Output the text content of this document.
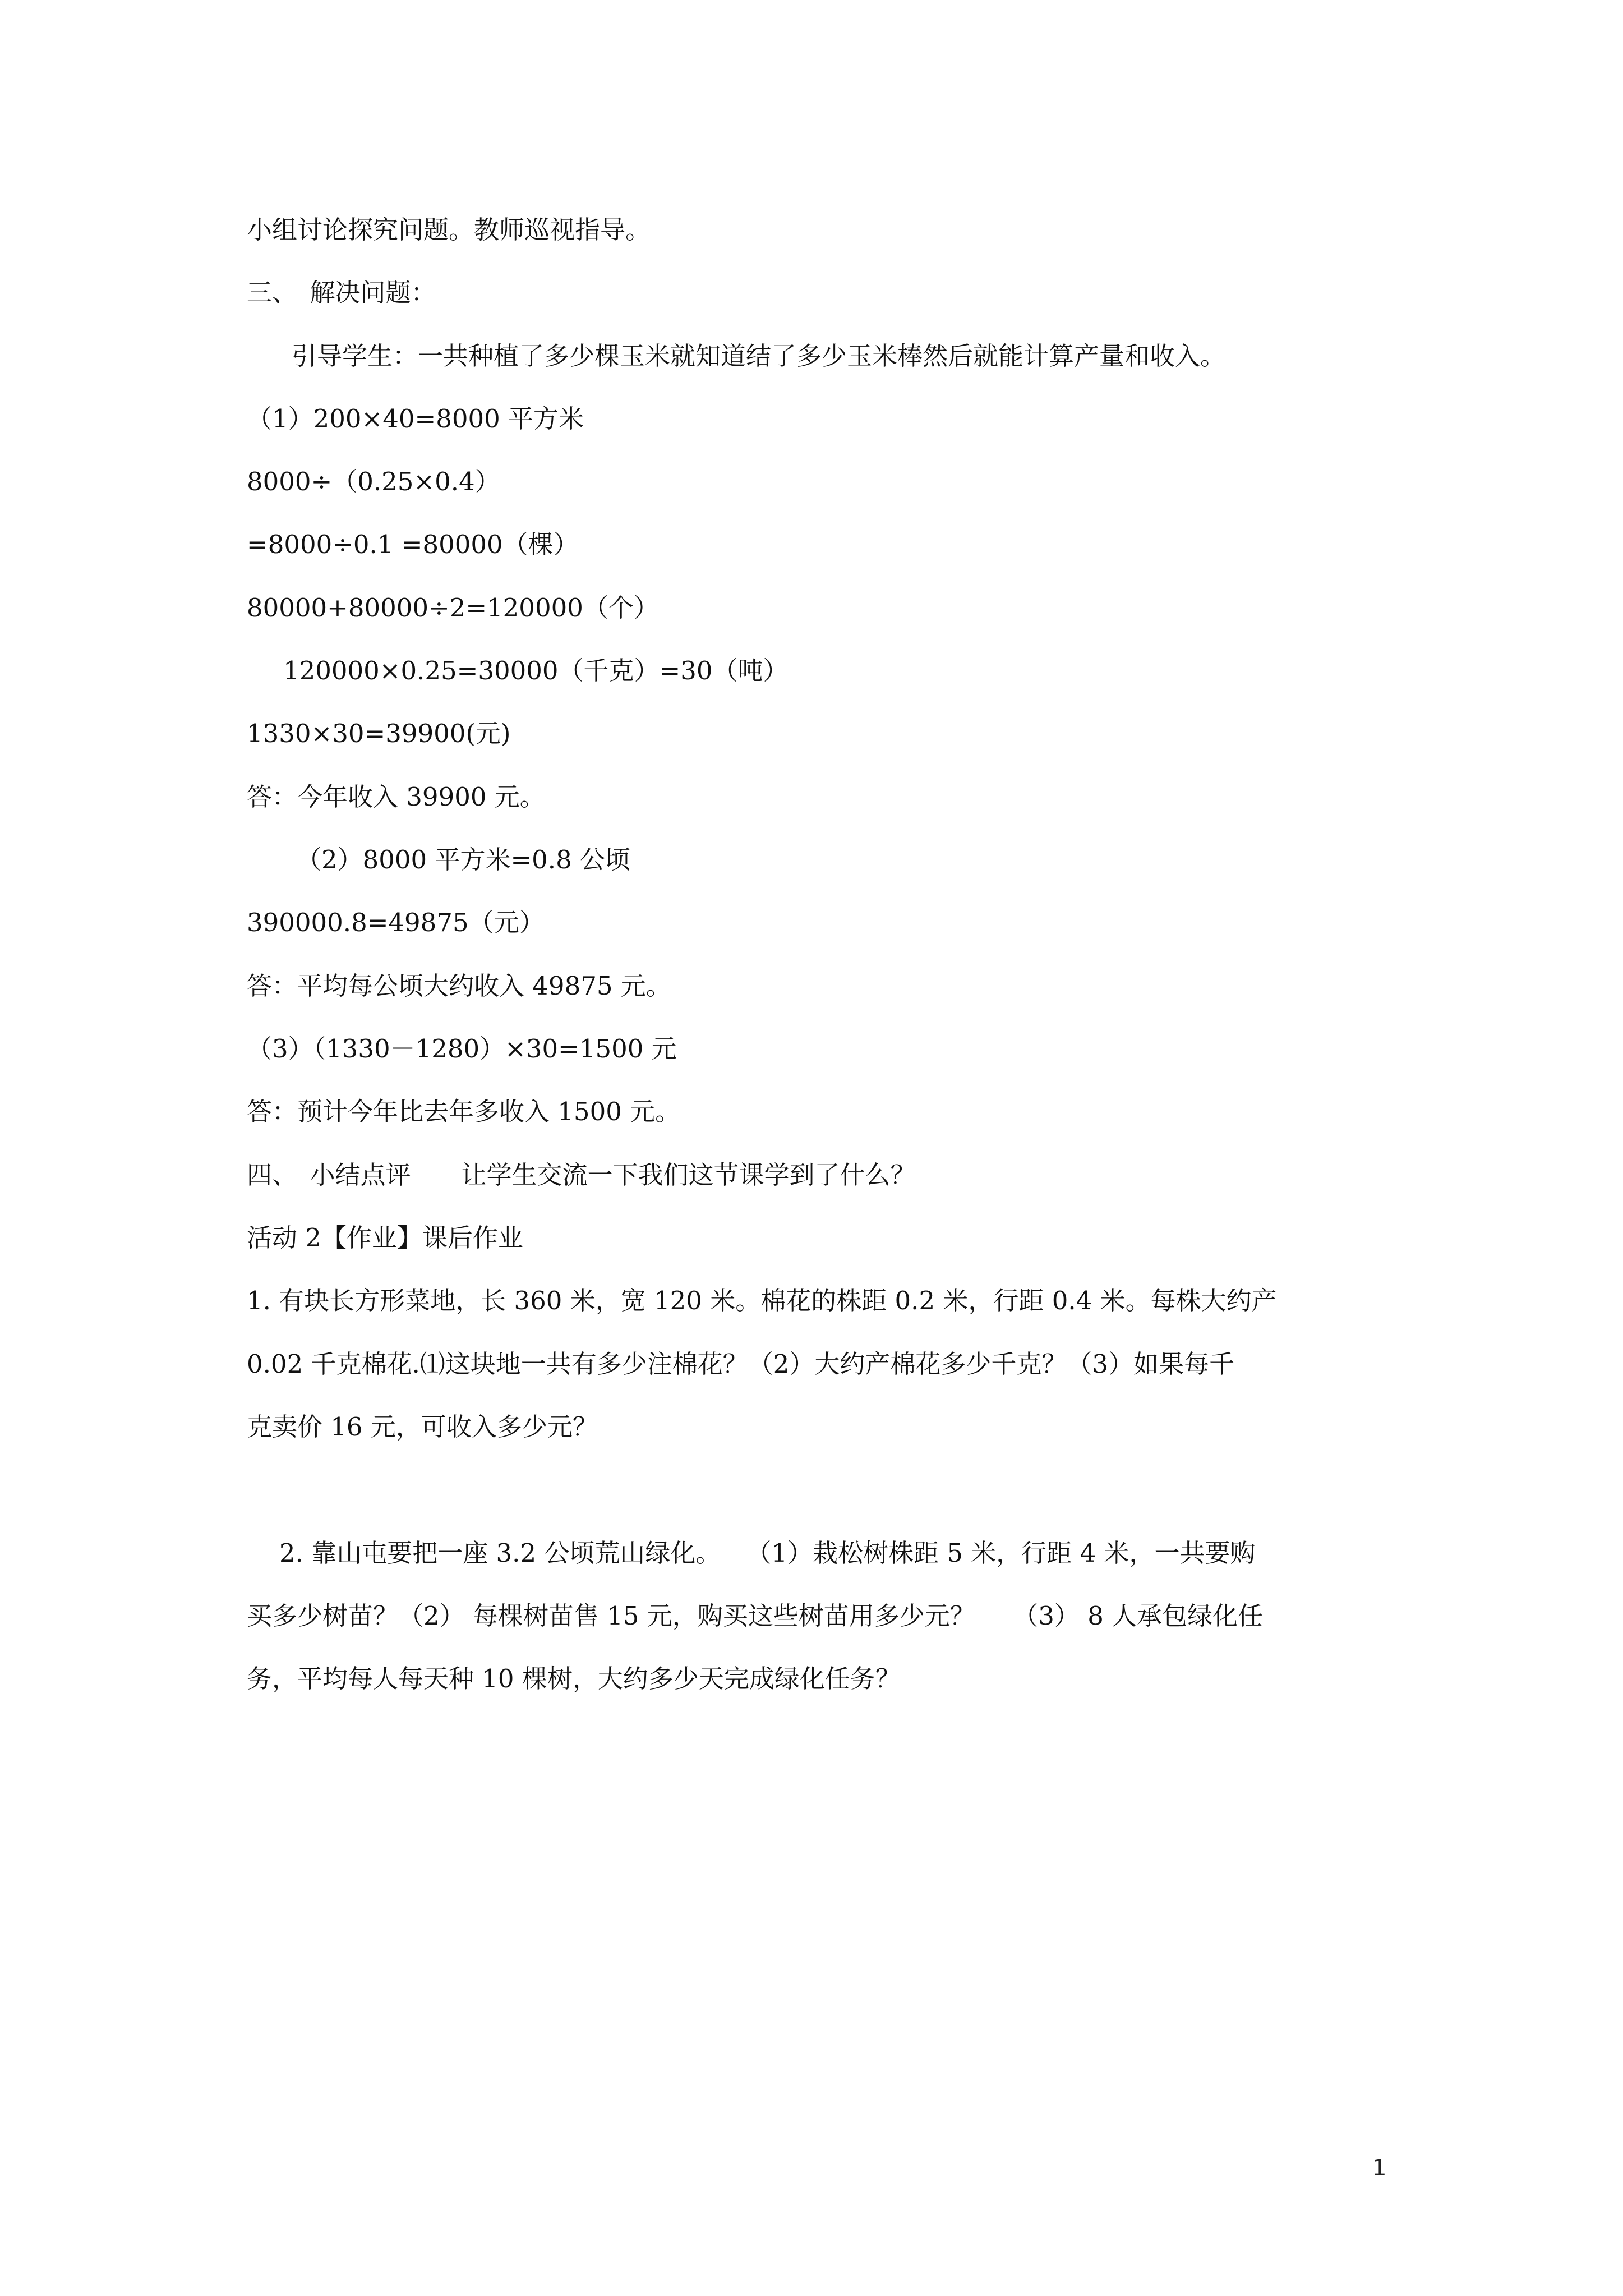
小组讨论探究问题。教师巡视指导。
三、　解决问题：
引导学生：一共种植了多少棵玉米就知道结了多少玉米棒然后就能计算产量和收入。
（1）200×40=8000 平方米
8000÷（0.25×0.4）
=8000÷0.1 =80000（棵）
80000+80000÷2=120000（个）
120000×0.25=30000（千克）=30（吨）
1330×30=39900(元)
答：今年收入 39900 元。
（2）8000 平方米=0.8 公顷
390000.8=49875（元）
答：平均每公顷大约收入 49875 元。
（3）（1330－1280）×30=1500 元
答：预计今年比去年多收入 1500 元。
四、　小结点评　　让学生交流一下我们这节课学到了什么？
活动 2【作业】课后作业
1. 有块长方形菜地，长 360 米，宽 120 米。棉花的株距 0.2 米，行距 0.4 米。每株大约产
0.02 千克棉花.⑴这块地一共有多少注棉花？（2）大约产棉花多少千克？（3）如果每千
克卖价 16 元，可收入多少元？
2. 靠山屯要把一座 3.2 公顷荒山绿化。　　（1）栽松树株距 5 米，行距 4 米，一共要购
买多少树苗？（2） 每棵树苗售 15 元，购买这些树苗用多少元？　　（3） 8 人承包绿化任
务，平均每人每天种 10 棵树，大约多少天完成绿化任务？
1
